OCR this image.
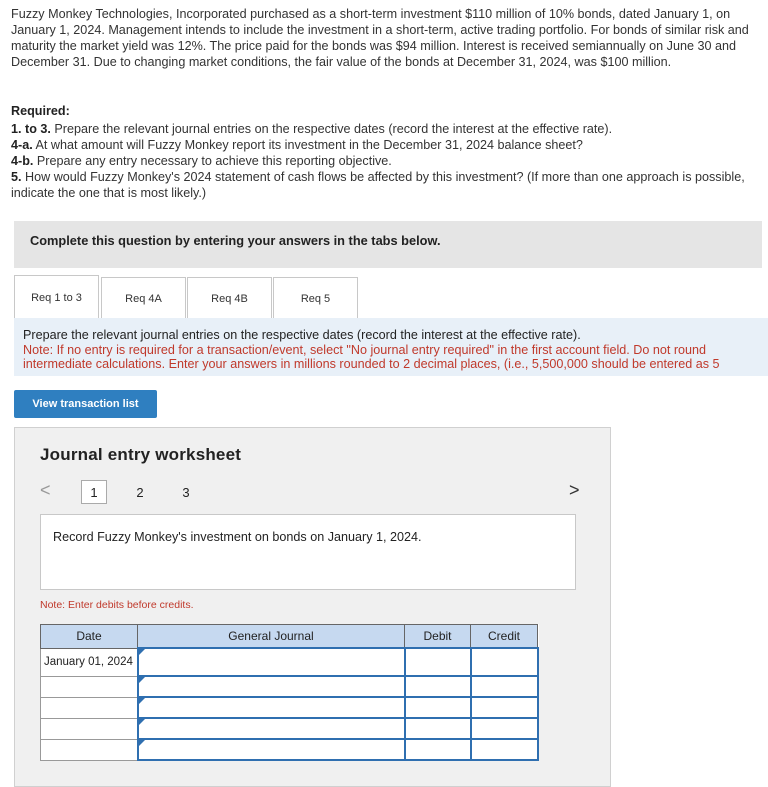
Fuzzy Monkey Technologies, Incorporated purchased as a short-term investment $110 million of 10% bonds, dated January 1, on January 1, 2024. Management intends to include the investment in a short-term, active trading portfolio. For bonds of similar risk and maturity the market yield was 12%. The price paid for the bonds was $94 million. Interest is received semiannually on June 30 and December 31. Due to changing market conditions, the fair value of the bonds at December 31, 2024, was $100 million.
Required:
1. to 3. Prepare the relevant journal entries on the respective dates (record the interest at the effective rate).
4-a. At what amount will Fuzzy Monkey report its investment in the December 31, 2024 balance sheet?
4-b. Prepare any entry necessary to achieve this reporting objective.
5. How would Fuzzy Monkey's 2024 statement of cash flows be affected by this investment? (If more than one approach is possible, indicate the one that is most likely.)
Complete this question by entering your answers in the tabs below.
Req 1 to 3	Req 4A	Req 4B	Req 5
Prepare the relevant journal entries on the respective dates (record the interest at the effective rate).
Note: If no entry is required for a transaction/event, select "No journal entry required" in the first account field. Do not round
intermediate calculations. Enter your answers in millions rounded to 2 decimal places, (i.e., 5,500,000 should be entered as 5
View transaction list
Journal entry worksheet
<	1	2	3	>
Record Fuzzy Monkey's investment on bonds on January 1, 2024.
Note: Enter debits before credits.
Date	General Journal	Debit	Credit
January 01, 2024	
